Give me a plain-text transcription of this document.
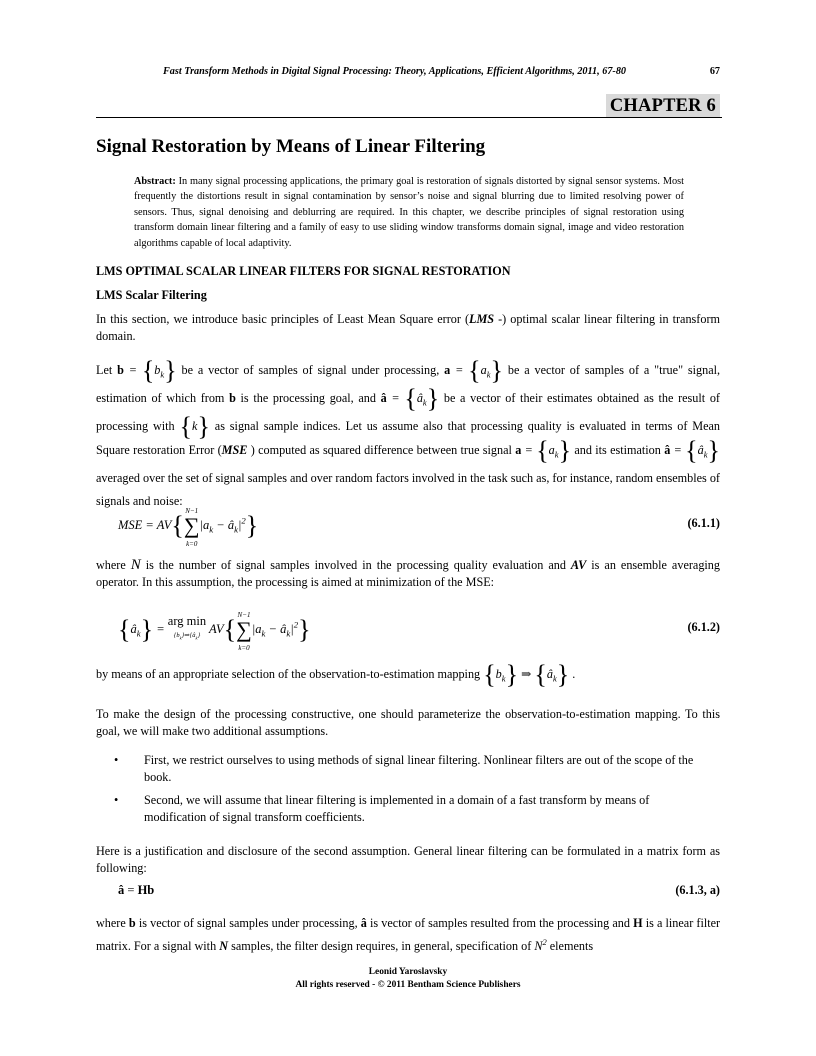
Fast Transform Methods in Digital Signal Processing: Theory, Applications, Efficient Algorithms, 2011, 67-80	67
CHAPTER 6
Signal Restoration by Means of Linear Filtering
Abstract: In many signal processing applications, the primary goal is restoration of signals distorted by signal sensor systems. Most frequently the distortions result in signal contamination by sensor’s noise and signal blurring due to limited resolving power of sensors. Thus, signal denoising and deblurring are required. In this chapter, we describe principles of signal restoration using transform domain linear filtering and a family of easy to use sliding window transforms domain signal, image and video restoration algorithms capable of local adaptivity.
LMS OPTIMAL SCALAR LINEAR FILTERS FOR SIGNAL RESTORATION
LMS Scalar Filtering
In this section, we introduce basic principles of Least Mean Square error (LMS -) optimal scalar linear filtering in transform domain.
Let $b = \{b_k\}$ be a vector of samples of signal under processing, $a = \{a_k\}$ be a vector of samples of a "true" signal, estimation of which from b is the processing goal, and â = $\{â_k\}$ be a vector of their estimates obtained as the result of processing with {k} as signal sample indices. Let us assume also that processing quality is evaluated in terms of Mean Square restoration Error (MSE ) computed as squared difference between true signal $a = \{a_k\}$ and its estimation â = $\{â_k\}$ averaged over the set of signal samples and over random factors involved in the task such as, for instance, random ensembles of signals and noise:
MSE = AV{N−1
∑
$k=0|a_k$ − $â_k|^2$}	(6.1.1)
where N is the number of signal samples involved in the processing quality evaluation and AV is an ensemble averaging operator. In this assumption, the processing is aimed at minimization of the MSE:
$\{â_k\}$ = arg min
$\{b_k\}\Rightarrow\{â_k\}$ AV{N−1
∑
$k=0|a_k$ − $â_k|^2$}	(6.1.2)
by means of an appropriate selection of the observation-to-estimation mapping $\{b_k\}$ ⇒ $\{â_k\}$ .
To make the design of the processing constructive, one should parameterize the observation-to-estimation mapping. To this goal, we will make two additional assumptions.
• First, we restrict ourselves to using methods of signal linear filtering. Nonlinear filters are out of the scope of the book.
• Second, we will assume that linear filtering is implemented in a domain of a fast transform by means of modification of signal transform coefficients.
Here is a justification and disclosure of the second assumption. General linear filtering can be formulated in a matrix form as following:
â = Hb	(6.1.3, a)
where b is vector of signal samples under processing, â is vector of samples resulted from the processing and H is a linear filter matrix. For a signal with N samples, the filter design requires, in general, specification of $N^2$ elements
Leonid Yaroslavsky
All rights reserved - © 2011 Bentham Science Publishers
